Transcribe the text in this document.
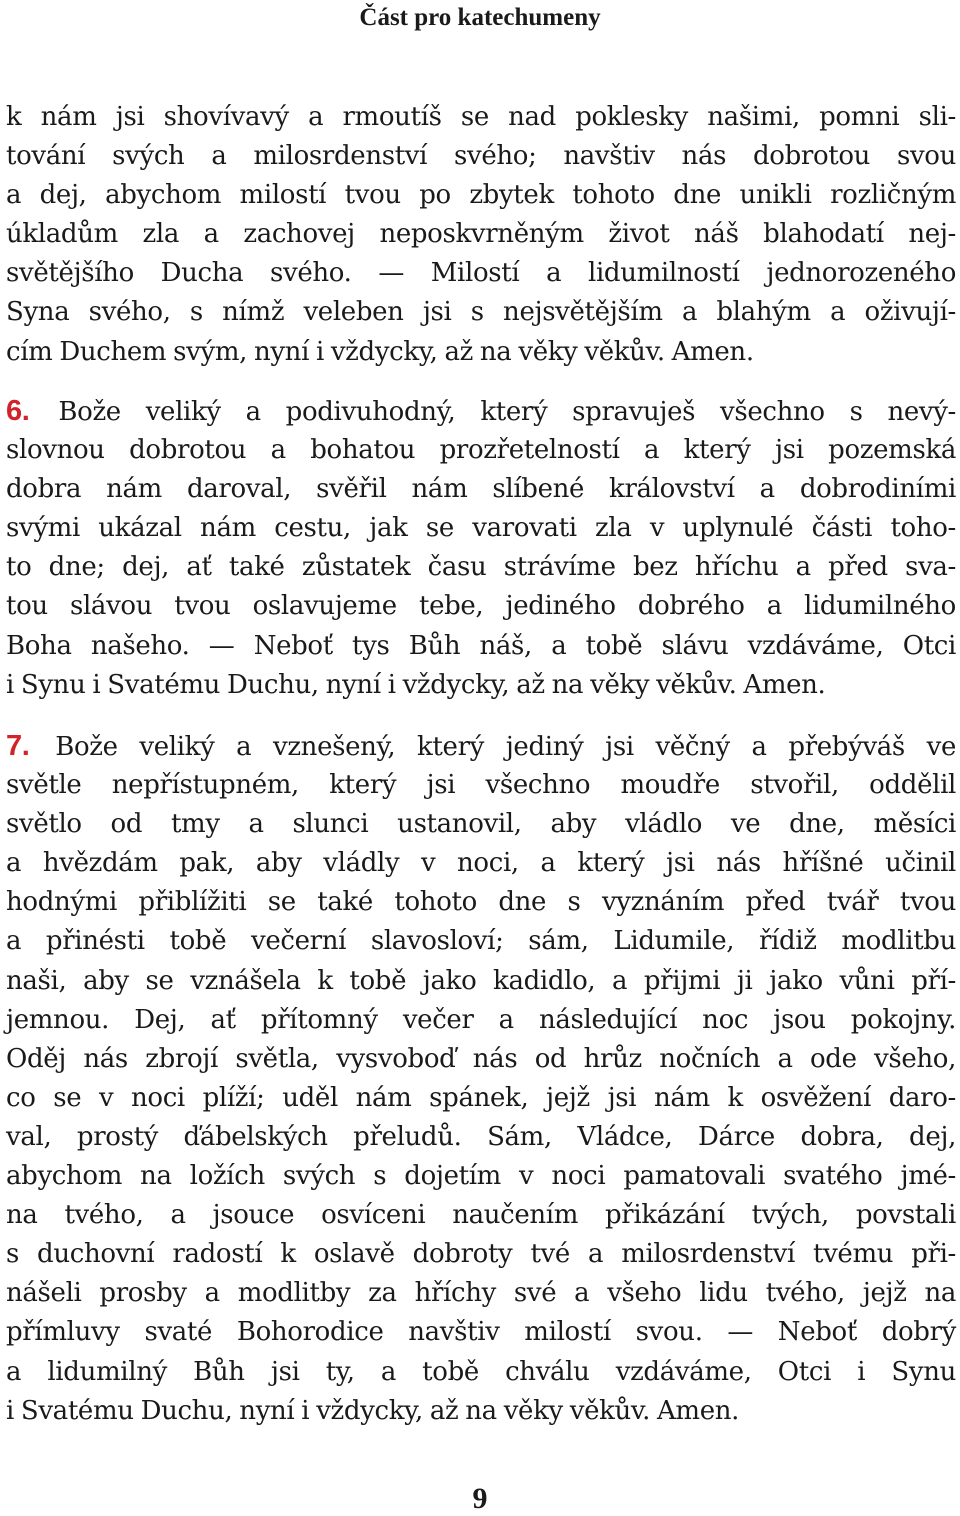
Část pro katechumeny
k nám jsi shovívavý a rmoutíš se nad poklesky našimi, pomni sli-
tování svých a milosrdenství svého; navštiv nás dobrotou svou
a dej, abychom milostí tvou po zbytek tohoto dne unikli rozličným
úkladům zla a zachovej neposkvrněným život náš blahodatí nej-
světějšího Ducha svého. — Milostí a lidumilností jednorozeného
Syna svého, s nímž veleben jsi s nejsvětějším a blahým a oživují-
cím Duchem svým, nyní i vždycky, až na věky věkův. Amen.
6. Bože veliký a podivuhodný, který spravuješ všechno s nevý-
slovnou dobrotou a bohatou prozřetelností a který jsi pozemská
dobra nám daroval, svěřil nám slíbené království a dobrodiními
svými ukázal nám cestu, jak se varovati zla v uplynulé části toho-
to dne; dej, ať také zůstatek času strávíme bez hříchu a před sva-
tou slávou tvou oslavujeme tebe, jediného dobrého a lidumilného
Boha našeho. — Neboť tys Bůh náš, a tobě slávu vzdáváme, Otci
i Synu i Svatému Duchu, nyní i vždycky, až na věky věkův. Amen.
7. Bože veliký a vznešený, který jediný jsi věčný a přebýváš ve
světle nepřístupném, který jsi všechno moudře stvořil, oddělil
světlo od tmy a slunci ustanovil, aby vládlo ve dne, měsíci
a hvězdám pak, aby vládly v noci, a který jsi nás hříšné učinil
hodnými přiblížiti se také tohoto dne s vyznáním před tvář tvou
a přinésti tobě večerní slavosloví; sám, Lidumile, řídiž modlitbu
naši, aby se vznášela k tobě jako kadidlo, a přijmi ji jako vůni pří-
jemnou. Dej, ať přítomný večer a následující noc jsou pokojny.
Oděj nás zbrojí světla, vysvoboď nás od hrůz nočních a ode všeho,
co se v noci plíží; uděl nám spánek, jejž jsi nám k osvěžení daro-
val, prostý ďábelských přeludů. Sám, Vládce, Dárce dobra, dej,
abychom na ložích svých s dojetím v noci pamatovali svatého jmé-
na tvého, a jsouce osvíceni naučením přikázání tvých, povstali
s duchovní radostí k oslavě dobroty tvé a milosrdenství tvému při-
nášeli prosby a modlitby za hříchy své a všeho lidu tvého, jejž na
přímluvy svaté Bohorodice navštiv milostí svou. — Neboť dobrý
a lidumilný Bůh jsi ty, a tobě chválu vzdáváme, Otci i Synu
i Svatému Duchu, nyní i vždycky, až na věky věkův. Amen.
9
